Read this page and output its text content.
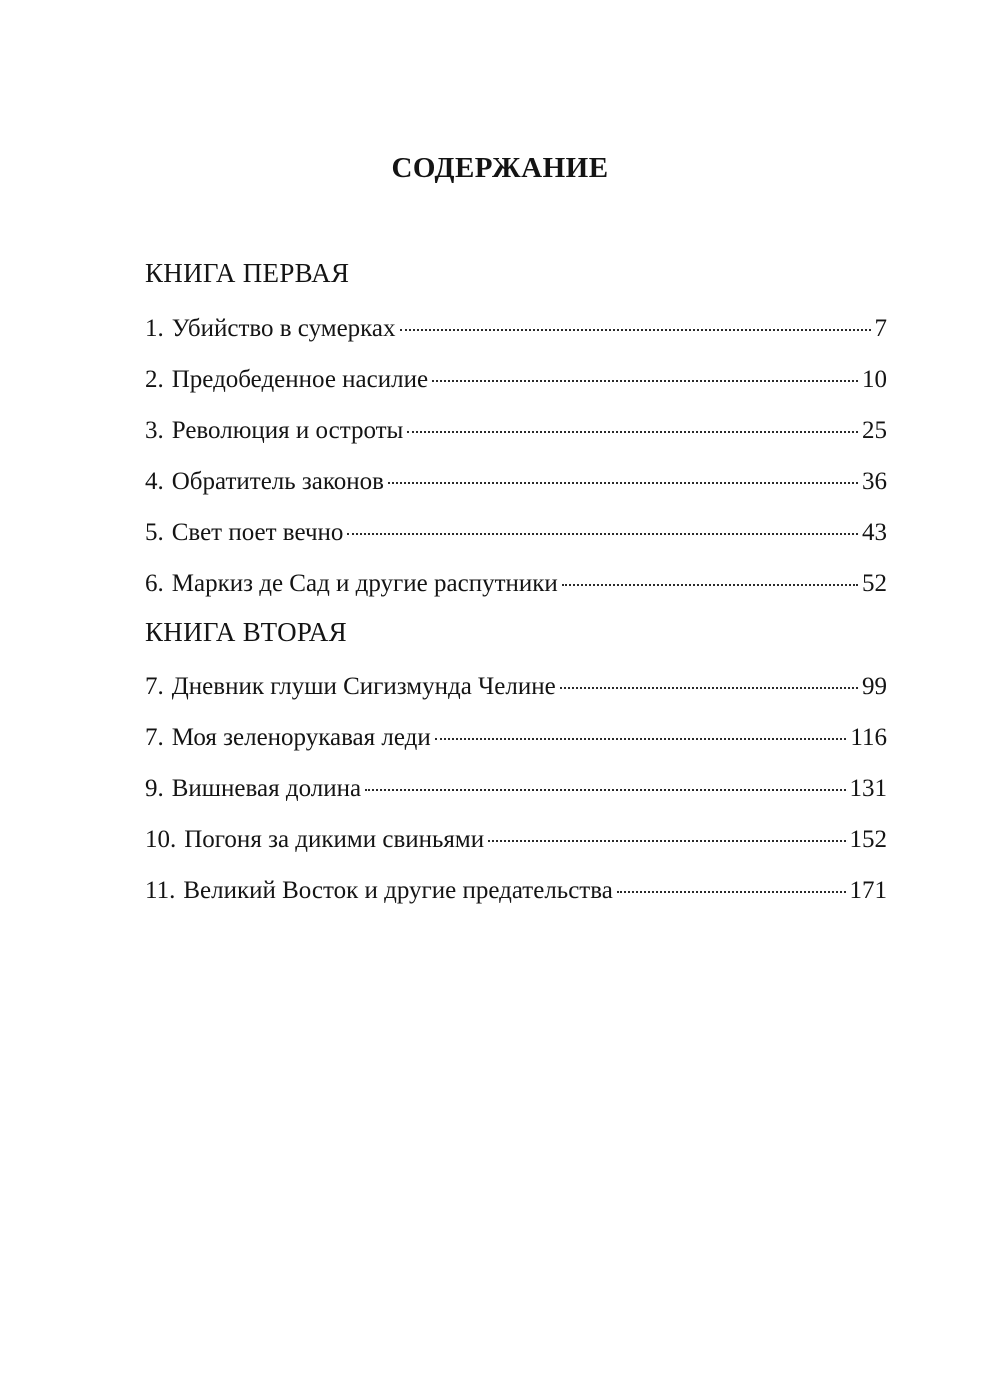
СОДЕРЖАНИЕ
КНИГА ПЕРВАЯ
1. Убийство в сумерках	7
2. Предобеденное насилие	10
3. Революция и остроты	25
4. Обратитель законов	36
5. Свет поет вечно	43
6. Маркиз де Сад и другие распутники	52
КНИГА ВТОРАЯ
7. Дневник глуши Сигизмунда Челине	99
7. Моя зеленорукавая леди	116
9. Вишневая долина	131
10. Погоня за дикими свиньями	152
11. Великий Восток и другие предательства	171
